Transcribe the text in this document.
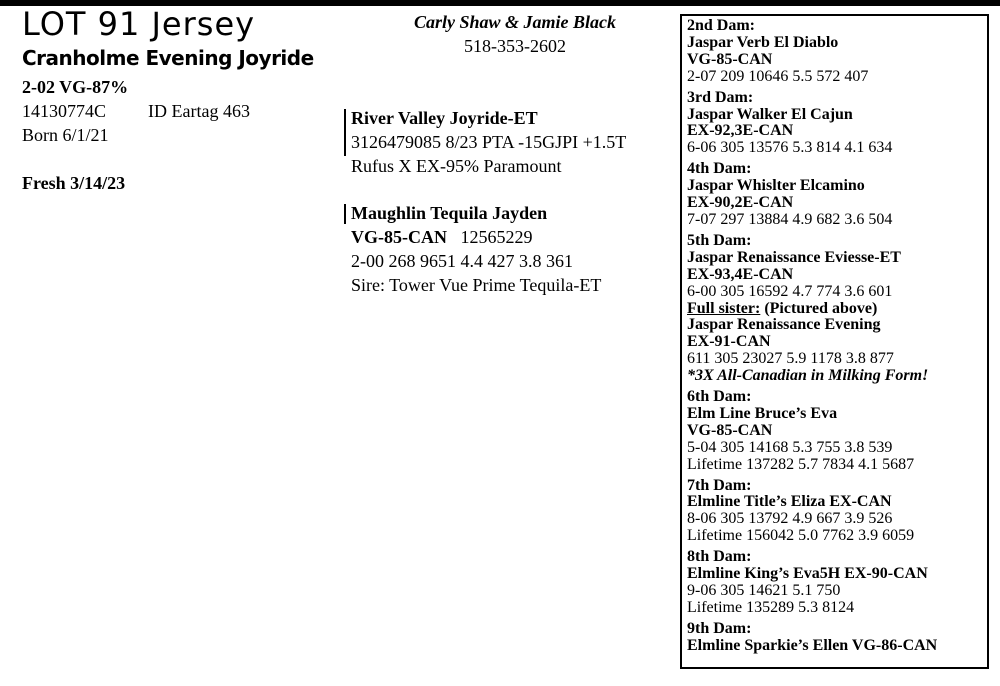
LOT 91 Jersey
Cranholme Evening Joyride
2-02 VG-87%
14130774C ID Eartag 463
Born 6/1/21
Fresh 3/14/23
Carly Shaw & Jamie Black
518-353-2602
River Valley Joyride-ET
3126479085 8/23 PTA -15GJPI +1.5T
Rufus X EX-95% Paramount
Maughlin Tequila Jayden
VG-85-CAN 12565229
2-00 268 9651 4.4 427 3.8 361
Sire: Tower Vue Prime Tequila-ET
2nd Dam:
Jaspar Verb El Diablo
VG-85-CAN
2-07 209 10646 5.5 572 407
3rd Dam:
Jaspar Walker El Cajun
EX-92,3E-CAN
6-06 305 13576 5.3 814 4.1 634
4th Dam:
Jaspar Whislter Elcamino
EX-90,2E-CAN
7-07 297 13884 4.9 682 3.6 504
5th Dam:
Jaspar Renaissance Eviesse-ET
EX-93,4E-CAN
6-00 305 16592 4.7 774 3.6 601
Full sister: (Pictured above)
Jaspar Renaissance Evening
EX-91-CAN
611 305 23027 5.9 1178 3.8 877
*3X All-Canadian in Milking Form!
6th Dam:
Elm Line Bruce’s Eva
VG-85-CAN
5-04 305 14168 5.3 755 3.8 539
Lifetime 137282 5.7 7834 4.1 5687
7th Dam:
Elmline Title’s Eliza EX-CAN
8-06 305 13792 4.9 667 3.9 526
Lifetime 156042 5.0 7762 3.9 6059
8th Dam:
Elmline King’s Eva5H EX-90-CAN
9-06 305 14621 5.1 750
Lifetime 135289 5.3 8124
9th Dam:
Elmline Sparkie’s Ellen VG-86-CAN
